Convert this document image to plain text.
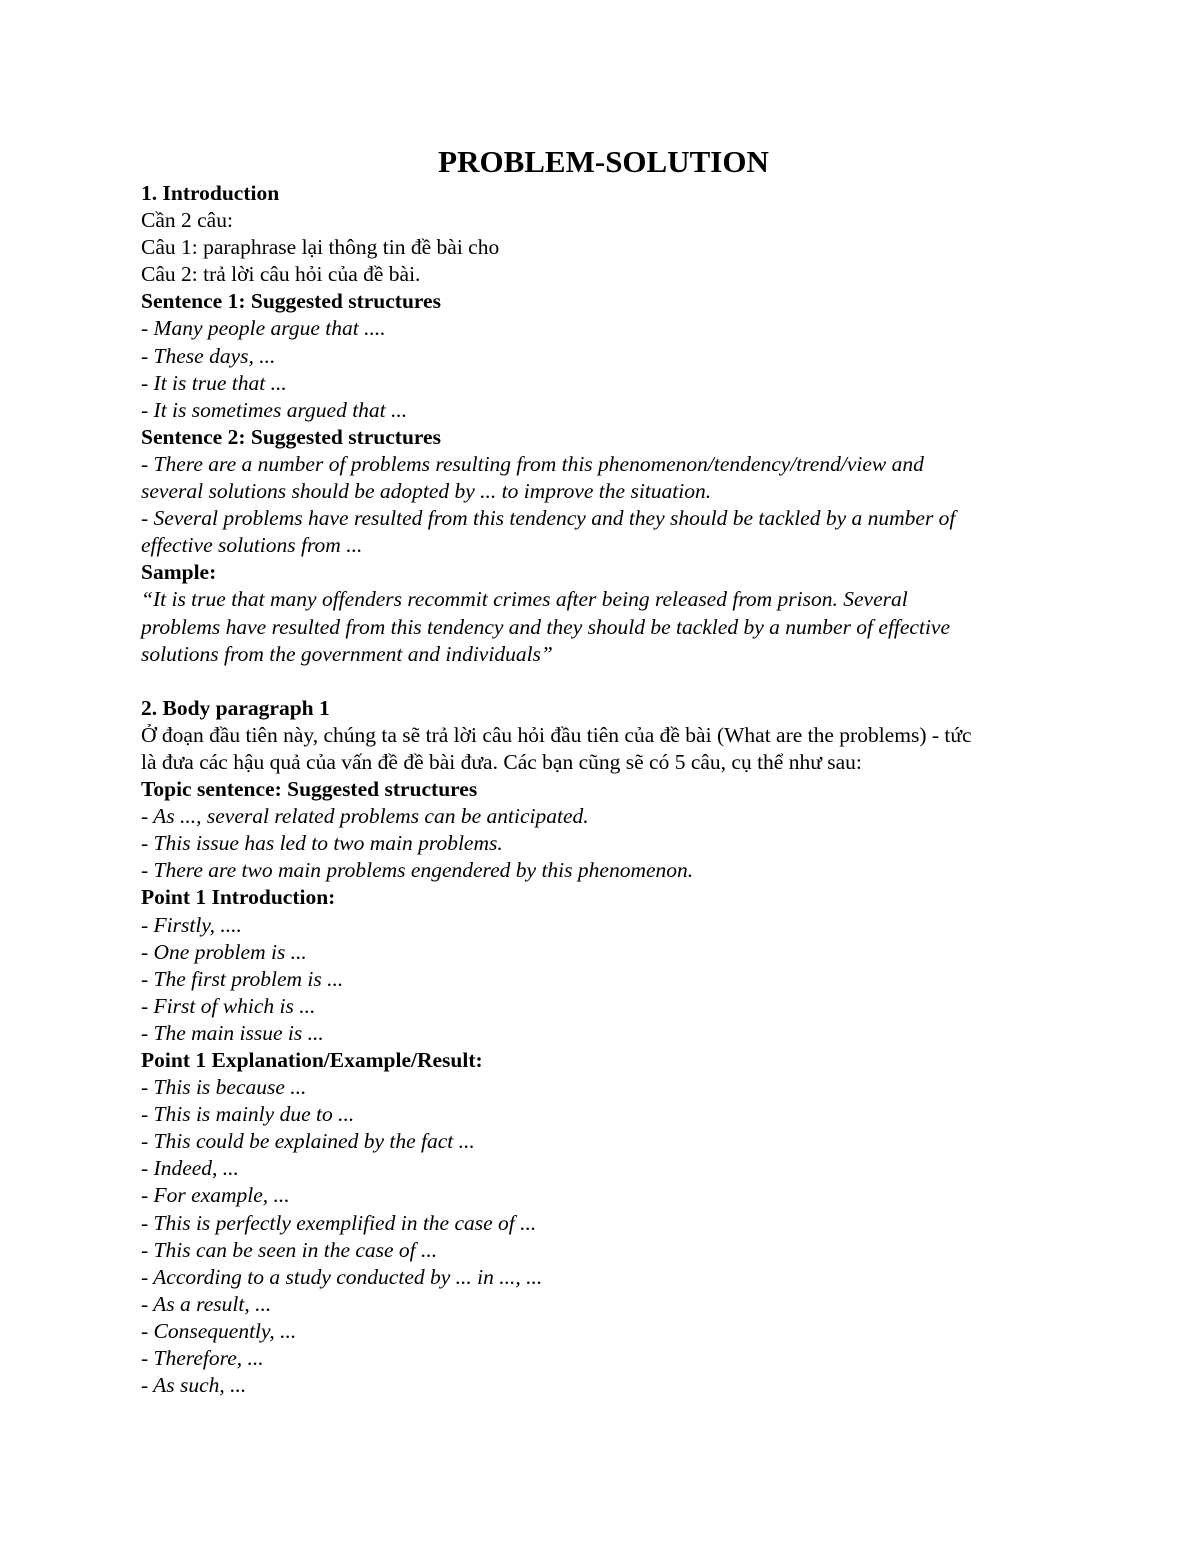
PROBLEM-SOLUTION

1. Introduction

Cần 2 câu:

Câu 1: paraphrase lại thông tin đề bài cho

Câu 2: trả lời câu hỏi của đề bài.

Sentence 1: Suggested structures

- Many people argue that ....

- These days, ...

- It is true that ...

- It is sometimes argued that ...

Sentence 2: Suggested structures

- There are a number of problems resulting from this phenomenon/tendency/trend/view and

several solutions should be adopted by ... to improve the situation.

- Several problems have resulted from this tendency and they should be tackled by a number of

effective solutions from ...

Sample:

“It is true that many offenders recommit crimes after being released from prison. Several

problems have resulted from this tendency and they should be tackled by a number of effective

solutions from the government and individuals”

2. Body paragraph 1

Ở đoạn đầu tiên này, chúng ta sẽ trả lời câu hỏi đầu tiên của đề bài (What are the problems) - tức

là đưa các hậu quả của vấn đề đề bài đưa. Các bạn cũng sẽ có 5 câu, cụ thể như sau:

Topic sentence: Suggested structures

- As ..., several related problems can be anticipated.

- This issue has led to two main problems.

- There are two main problems engendered by this phenomenon.

Point 1 Introduction:

- Firstly, ....

- One problem is ...

- The first problem is ...

- First of which is ...

- The main issue is ...

Point 1 Explanation/Example/Result:

- This is because ...

- This is mainly due to ...

- This could be explained by the fact ...

- Indeed, ...

- For example, ...

- This is perfectly exemplified in the case of ...

- This can be seen in the case of ...

- According to a study conducted by ... in ..., ...

- As a result, ...

- Consequently, ...

- Therefore, ...

- As such, ...
